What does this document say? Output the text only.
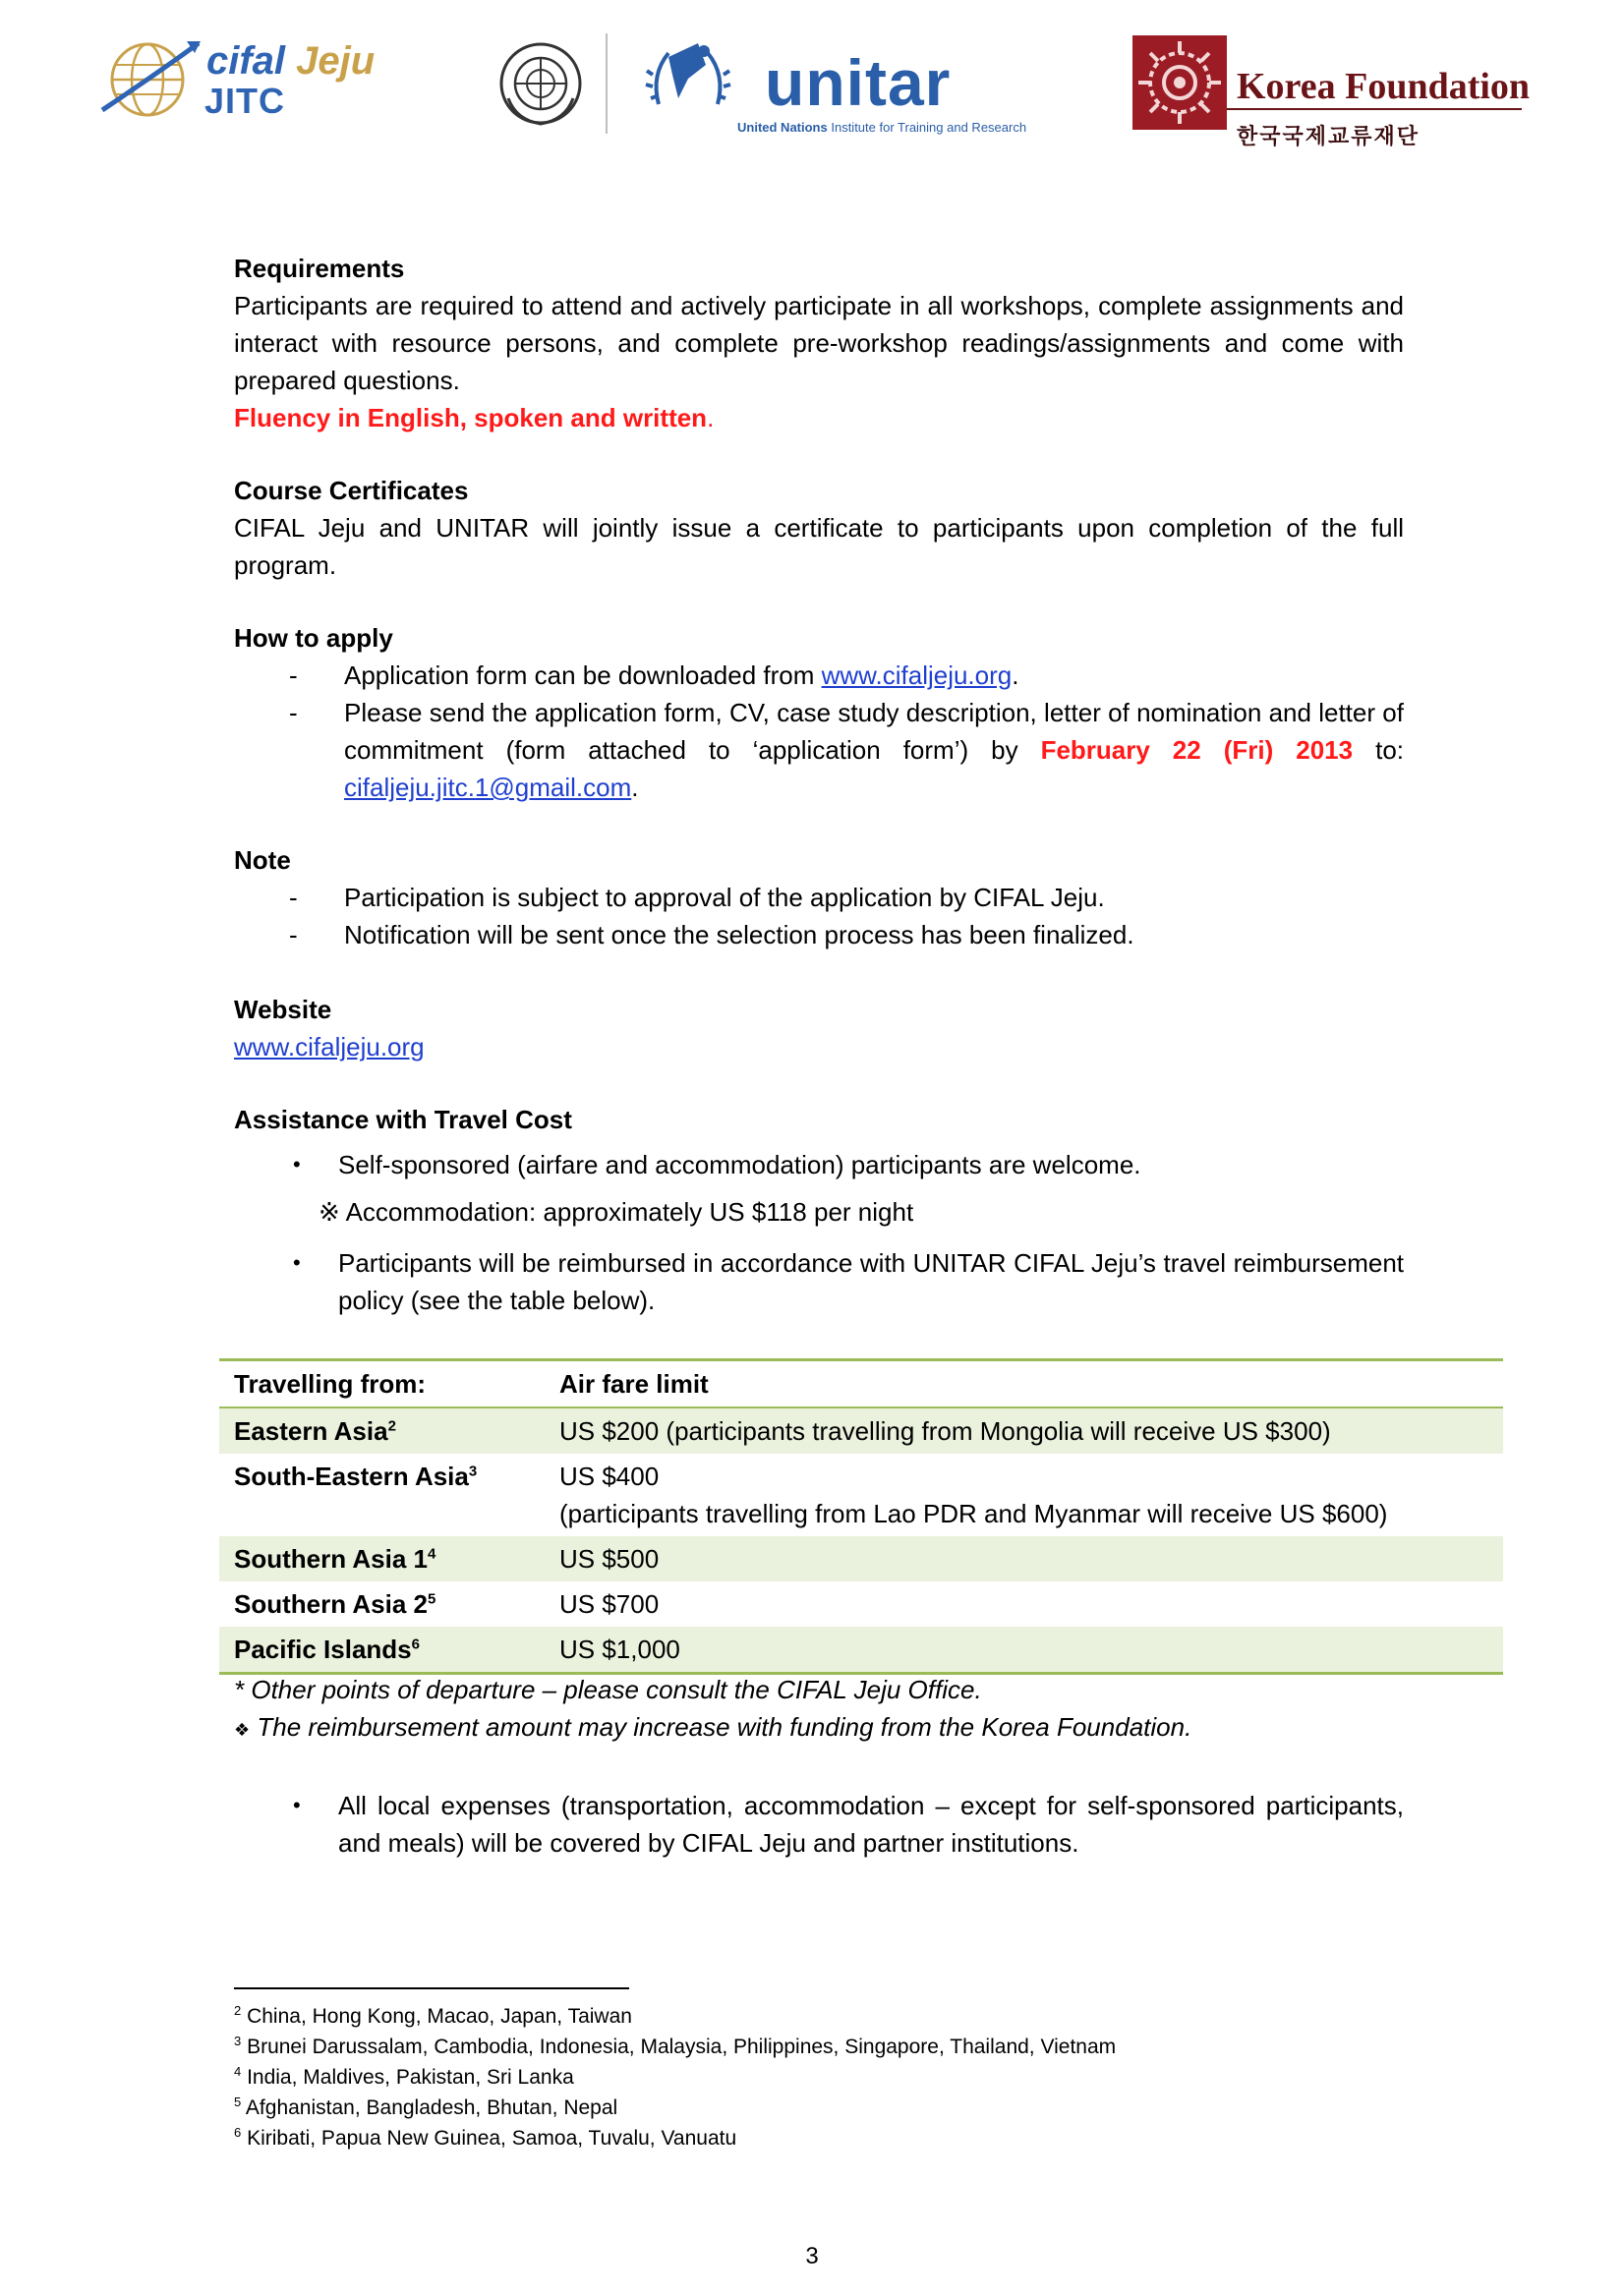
cifal Jeju
JITC	unitar
United Nations Institute for Training and Research
Korea Foundation
한국국제교류재단

Requirements

Participants are required to attend and actively participate in all workshops, complete assignments and interact with resource persons, and complete pre-workshop readings/assignments and come with prepared questions.

Fluency in English, spoken and written.

Course Certificates

CIFAL Jeju and UNITAR will jointly issue a certificate to participants upon completion of the full program.

How to apply

- Application form can be downloaded from www.cifaljeju.org.
- Please send the application form, CV, case study description, letter of nomination and letter of commitment (form attached to ‘application form’) by February 22 (Fri) 2013 to: cifaljeju.jitc.1@gmail.com.

Note

- Participation is subject to approval of the application by CIFAL Jeju.
- Notification will be sent once the selection process has been finalized.

Website

www.cifaljeju.org

Assistance with Travel Cost

• Self-sponsored (airfare and accommodation) participants are welcome.

※ Accommodation: approximately US $118 per night

• Participants will be reimbursed in accordance with UNITAR CIFAL Jeju’s travel reimbursement policy (see the table below).
Travelling from:	Air fare limit
Eastern Asia$^2$	US $200 (participants travelling from Mongolia will receive US $300)
South-Eastern Asia$^3$	US $400
(participants travelling from Lao PDR and Myanmar will receive US $600)
Southern Asia $1^4$	US $500
Southern Asia $2^5$	US $700
Pacific Islands$^6$	US $1,000
* Other points of departure – please consult the CIFAL Jeju Office.
❖ The reimbursement amount may increase with funding from the Korea Foundation.
• All local expenses (transportation, accommodation – except for self-sponsored participants, and meals) will be covered by CIFAL Jeju and partner institutions.
$^2$ China, Hong Kong, Macao, Japan, Taiwan
$^3$ Brunei Darussalam, Cambodia, Indonesia, Malaysia, Philippines, Singapore, Thailand, Vietnam
$^4$ India, Maldives, Pakistan, Sri Lanka
$^5$ Afghanistan, Bangladesh, Bhutan, Nepal
$^6$ Kiribati, Papua New Guinea, Samoa, Tuvalu, Vanuatu
3
